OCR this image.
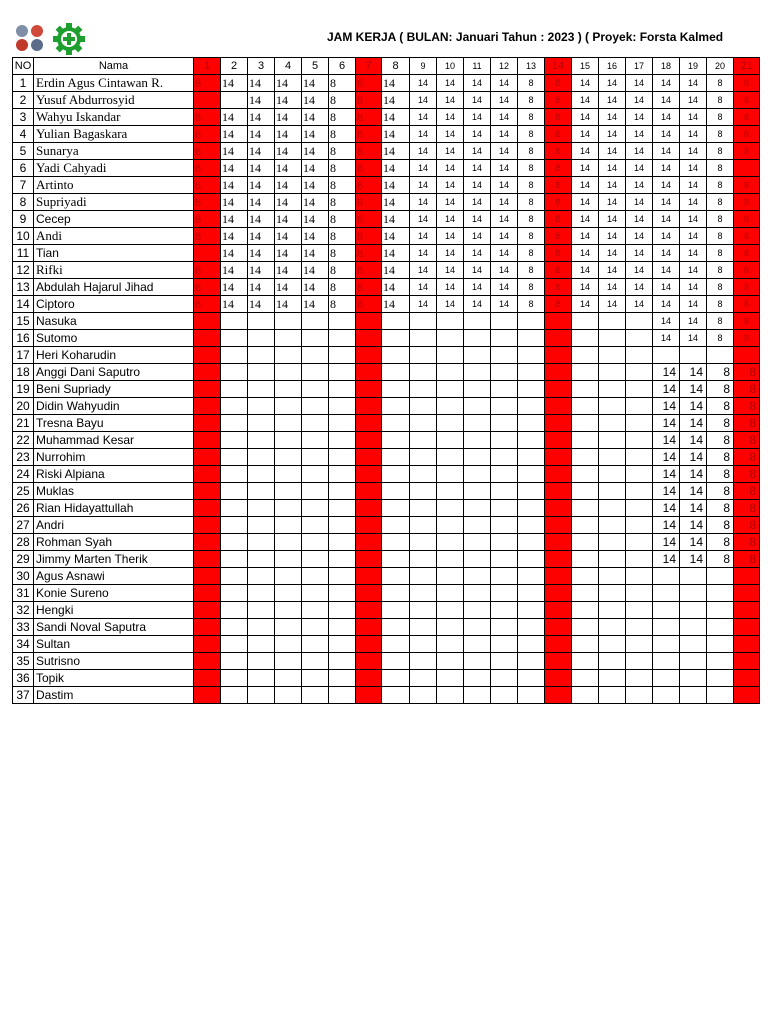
JAM KERJA ( BULAN: Januari Tahun : 2023 ) ( Proyek: Forsta Kalmed
NO	Nama	1	2	3	4	5	6	7	8	9	10	11	12	13	14	15	16	17	18	19	20	21
1	Erdin Agus Cintawan R.	8	14	14	14	14	8	8	14	14	14	14	14	8	8	14	14	14	14	14	8	8
2	Yusuf Abdurrosyid			14	14	14	8	8	14	14	14	14	14	8	8	14	14	14	14	14	8	8
3	Wahyu Iskandar	8	14	14	14	14	8	8	14	14	14	14	14	8	8	14	14	14	14	14	8	8
4	Yulian Bagaskara	8	14	14	14	14	8	8	14	14	14	14	14	8	8	14	14	14	14	14	8	8
5	Sunarya	8	14	14	14	14	8	8	14	14	14	14	14	8	8	14	14	14	14	14	8	8
6	Yadi Cahyadi	8	14	14	14	14	8	8	14	14	14	14	14	8	8	14	14	14	14	14	8	
7	Artinto	8	14	14	14	14	8	8	14	14	14	14	14	8	8	14	14	14	14	14	8	8
8	Supriyadi	8	14	14	14	14	8	8	14	14	14	14	14	8	8	14	14	14	14	14	8	8
9	Cecep	8	14	14	14	14	8	8	14	14	14	14	14	8	8	14	14	14	14	14	8	8
10	Andi	8	14	14	14	14	8	8	14	14	14	14	14	8	8	14	14	14	14	14	8	8
11	Tian		14	14	14	14	8	8	14	14	14	14	14	8	8	14	14	14	14	14	8	8
12	Rifki	8	14	14	14	14	8	8	14	14	14	14	14	8	8	14	14	14	14	14	8	8
13	Abdulah Hajarul Jihad	8	14	14	14	14	8	8	14	14	14	14	14	8	8	14	14	14	14	14	8	8
14	Ciptoro	8	14	14	14	14	8	8	14	14	14	14	14	8	8	14	14	14	14	14	8	8
15	Nasuka																		14	14	8	8
16	Sutomo																		14	14	8	8
17	Heri Koharudin																					
18	Anggi Dani Saputro																		14	14	8	8
19	Beni Supriady																		14	14	8	8
20	Didin Wahyudin																		14	14	8	8
21	Tresna Bayu																		14	14	8	8
22	Muhammad Kesar																		14	14	8	8
23	Nurrohim																		14	14	8	8
24	Riski Alpiana																		14	14	8	8
25	Muklas																		14	14	8	8
26	Rian Hidayattullah																		14	14	8	8
27	Andri																		14	14	8	8
28	Rohman Syah																		14	14	8	8
29	Jimmy Marten Therik																		14	14	8	8
30	Agus Asnawi																					
31	Konie Sureno																					
32	Hengki																					
33	Sandi Noval Saputra																					
34	Sultan																					
35	Sutrisno																					
36	Topik																					
37	Dastim																					
